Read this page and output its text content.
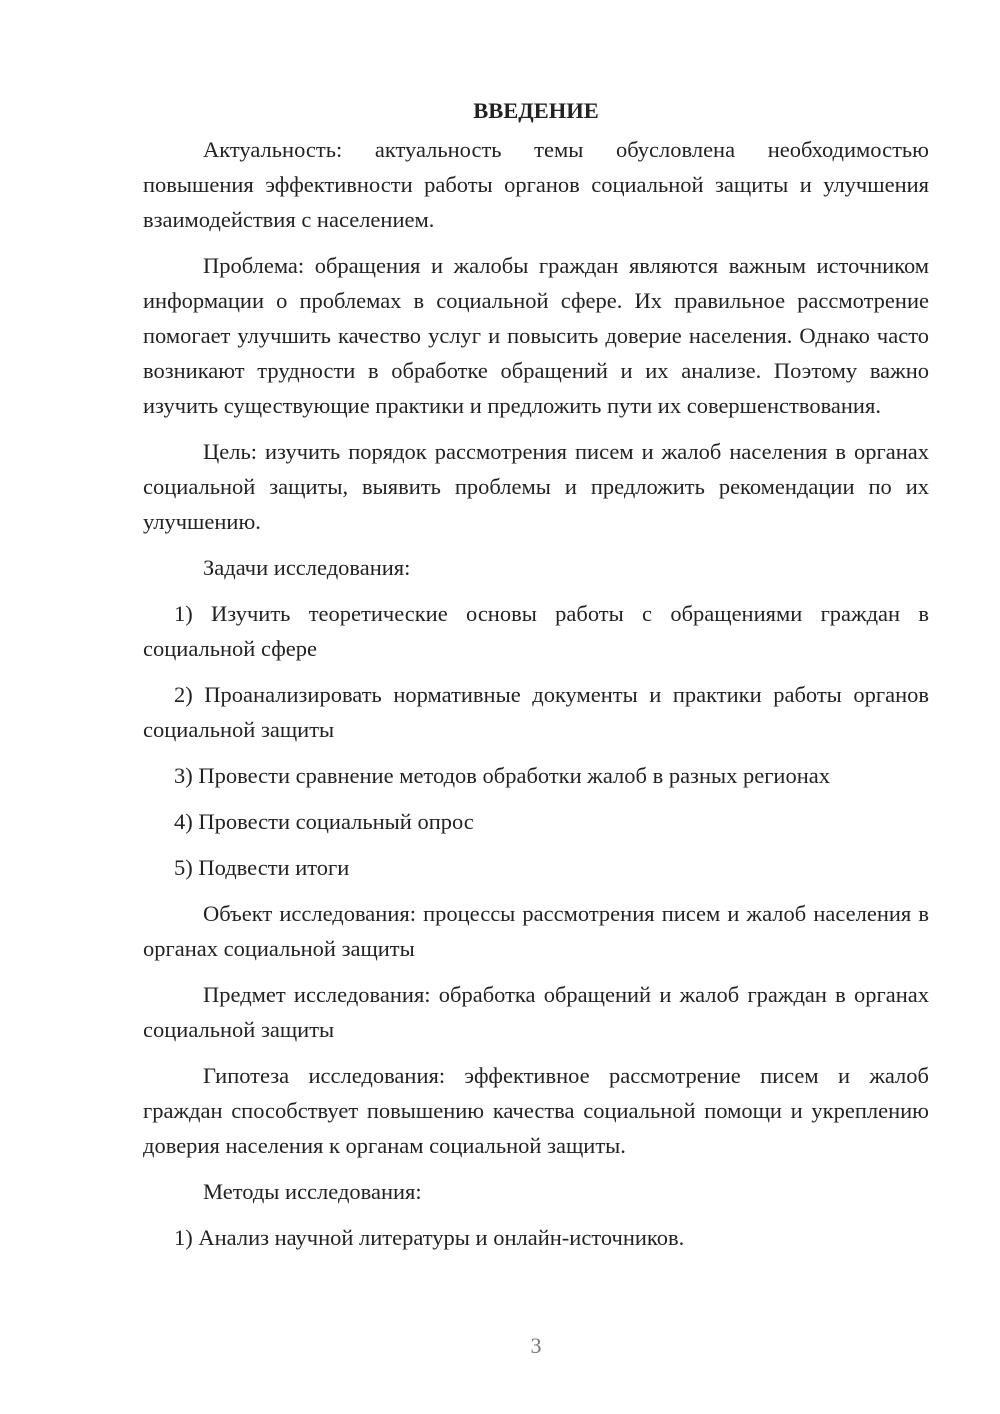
ВВЕДЕНИЕ

Актуальность: актуальность темы обусловлена необходимостью повышения эффективности работы органов социальной защиты и улучшения взаимодействия с населением.

Проблема: обращения и жалобы граждан являются важным источником информации о проблемах в социальной сфере. Их правильное рассмотрение помогает улучшить качество услуг и повысить доверие населения. Однако часто возникают трудности в обработке обращений и их анализе. Поэтому важно изучить существующие практики и предложить пути их совершенствования.

Цель: изучить порядок рассмотрения писем и жалоб населения в органах социальной защиты, выявить проблемы и предложить рекомендации по их улучшению.

Задачи исследования:

1) Изучить теоретические основы работы с обращениями граждан в социальной сфере

2) Проанализировать нормативные документы и практики работы органов социальной защиты

3) Провести сравнение методов обработки жалоб в разных регионах

4) Провести социальный опрос

5) Подвести итоги

Объект исследования: процессы рассмотрения писем и жалоб населения в органах социальной защиты

Предмет исследования: обработка обращений и жалоб граждан в органах социальной защиты

Гипотеза исследования: эффективное рассмотрение писем и жалоб граждан способствует повышению качества социальной помощи и укреплению доверия населения к органам социальной защиты.

Методы исследования:

1) Анализ научной литературы и онлайн-источников.

3
